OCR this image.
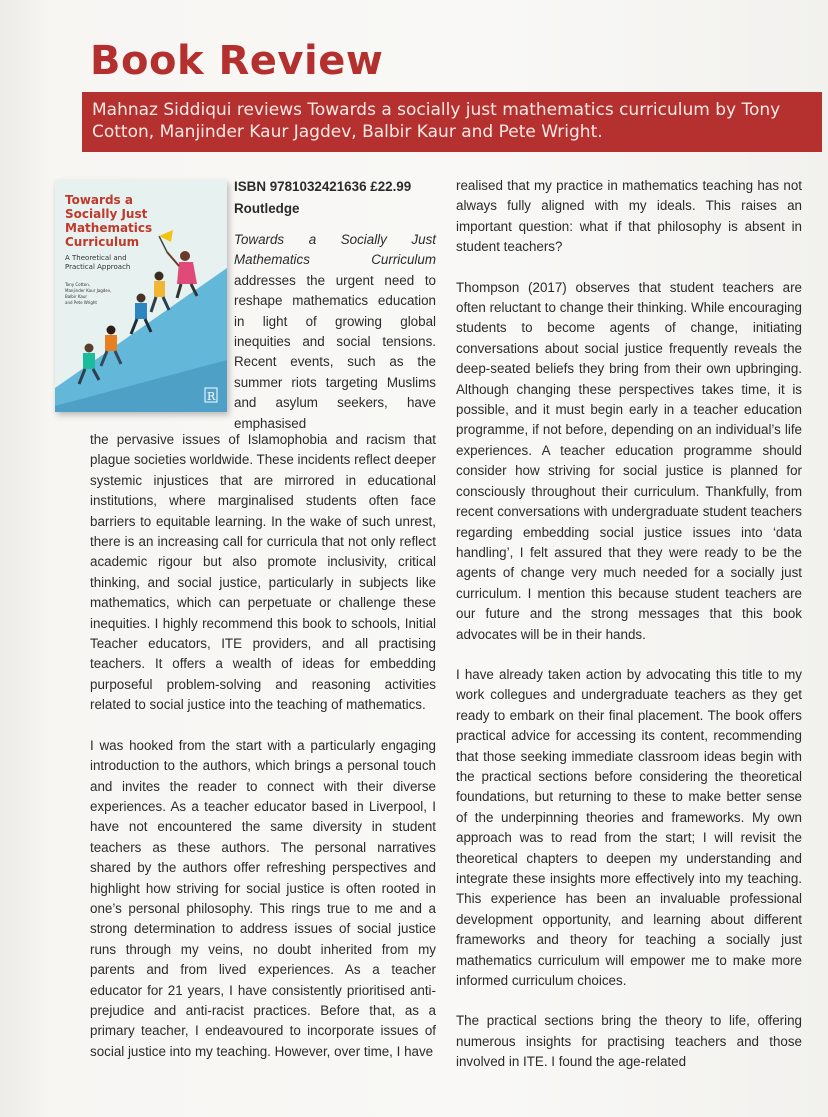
Book Review
Mahnaz Siddiqui reviews Towards a socially just mathematics curriculum by Tony Cotton, Manjinder Kaur Jagdev, Balbir Kaur and Pete Wright.
Towards a
Socially Just
Mathematics
Curriculum
A Theoretical and
Practical Approach
Tony Cotton,
Manjinder Kaur Jagdev,
Balbir Kaur
and Pete Wright
R
ISBN 9781032421636 £22.99
Routledge

Towards a Socially Just Mathematics Curriculum addresses the urgent need to reshape mathematics education in light of growing global inequities and social tensions. Recent events, such as the summer riots targeting Muslims and asylum seekers, have emphasised

the pervasive issues of Islamophobia and racism that plague societies worldwide. These incidents reflect deeper systemic injustices that are mirrored in educational institutions, where marginalised students often face barriers to equitable learning. In the wake of such unrest, there is an increasing call for curricula that not only reflect academic rigour but also promote inclusivity, critical thinking, and social justice, particularly in subjects like mathematics, which can perpetuate or challenge these inequities. I highly recommend this book to schools, Initial Teacher educators, ITE providers, and all practising teachers. It offers a wealth of ideas for embedding purposeful problem-solving and reasoning activities related to social justice into the teaching of mathematics.

I was hooked from the start with a particularly engaging introduction to the authors, which brings a personal touch and invites the reader to connect with their diverse experiences. As a teacher educator based in Liverpool, I have not encountered the same diversity in student teachers as these authors. The personal narratives shared by the authors offer refreshing perspectives and highlight how striving for social justice is often rooted in one’s personal philosophy. This rings true to me and a strong determination to address issues of social justice runs through my veins, no doubt inherited from my parents and from lived experiences. As a teacher educator for 21 years, I have consistently prioritised anti-prejudice and anti-racist practices. Before that, as a primary teacher, I endeavoured to incorporate issues of social justice into my teaching. However, over time, I have

realised that my practice in mathematics teaching has not always fully aligned with my ideals. This raises an important question: what if that philosophy is absent in student teachers?

Thompson (2017) observes that student teachers are often reluctant to change their thinking. While encouraging students to become agents of change, initiating conversations about social justice frequently reveals the deep-seated beliefs they bring from their own upbringing. Although changing these perspectives takes time, it is possible, and it must begin early in a teacher education programme, if not before, depending on an individual’s life experiences. A teacher education programme should consider how striving for social justice is planned for consciously throughout their curriculum. Thankfully, from recent conversations with undergraduate student teachers regarding embedding social justice issues into ‘data handling’, I felt assured that they were ready to be the agents of change very much needed for a socially just curriculum. I mention this because student teachers are our future and the strong messages that this book advocates will be in their hands.

I have already taken action by advocating this title to my work collegues and undergraduate teachers as they get ready to embark on their final placement. The book offers practical advice for accessing its content, recommending that those seeking immediate classroom ideas begin with the practical sections before considering the theoretical foundations, but returning to these to make better sense of the underpinning theories and frameworks. My own approach was to read from the start; I will revisit the theoretical chapters to deepen my understanding and integrate these insights more effectively into my teaching. This experience has been an invaluable professional development opportunity, and learning about different frameworks and theory for teaching a socially just mathematics curriculum will empower me to make more informed curriculum choices.

The practical sections bring the theory to life, offering numerous insights for practising teachers and those involved in ITE. I found the age-related
